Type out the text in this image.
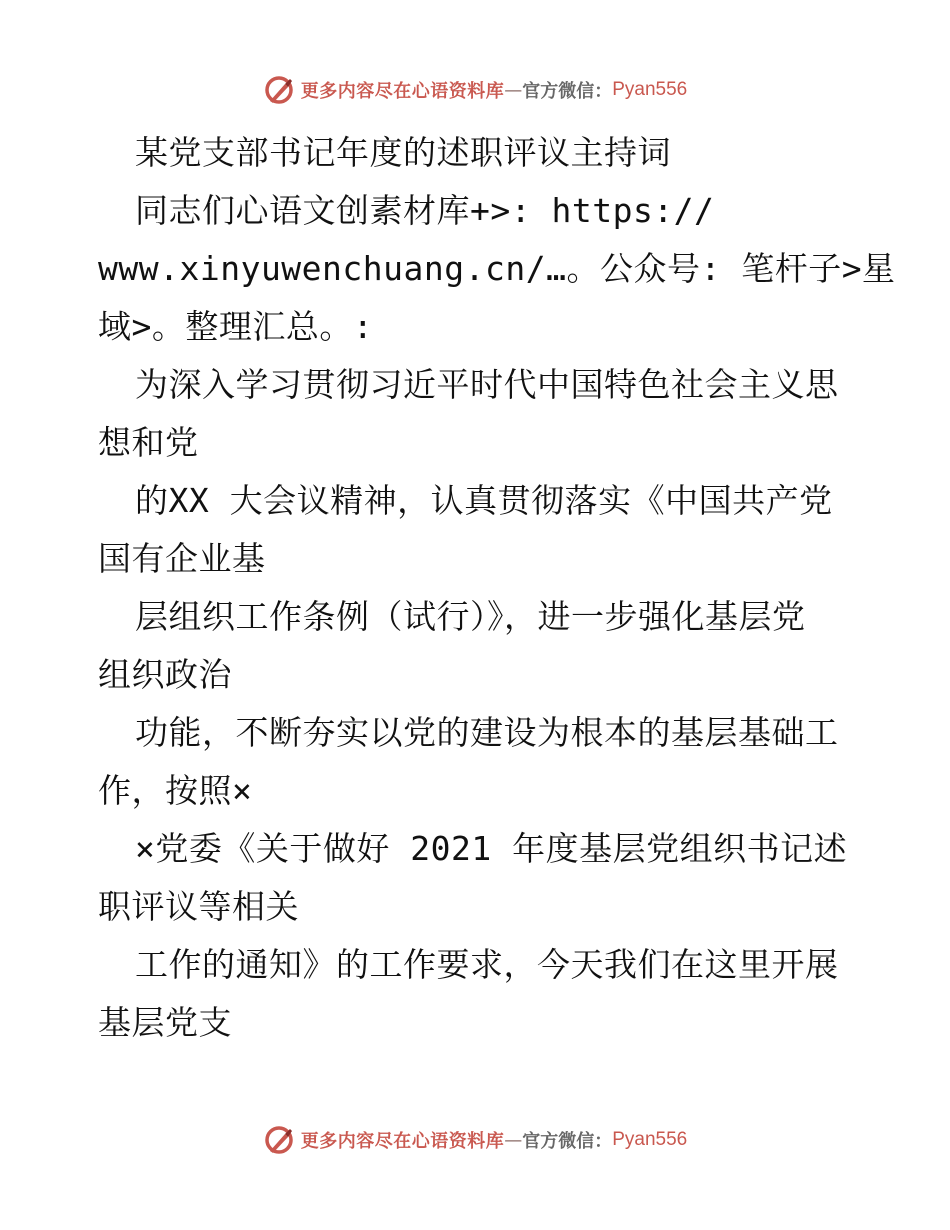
更多内容尽在心语资料库 — 官方微信： Pyan556
某党支部书记年度的述职评议主持词
同志们心语文创素材库+>: https://
www.xinyuwenchuang.cn/…。公众号: 笔杆子>星
域>。整理汇总。:
为深入学习贯彻习近平时代中国特色社会主义思
想和党
的XX 大会议精神，认真贯彻落实《中国共产党
国有企业基
层组织工作条例（试行）》，进一步强化基层党
组织政治
功能，不断夯实以党的建设为根本的基层基础工
作，按照×
×党委《关于做好 2021 年度基层党组织书记述
职评议等相关
工作的通知》的工作要求，今天我们在这里开展
基层党支
更多内容尽在心语资料库 — 官方微信： Pyan556
